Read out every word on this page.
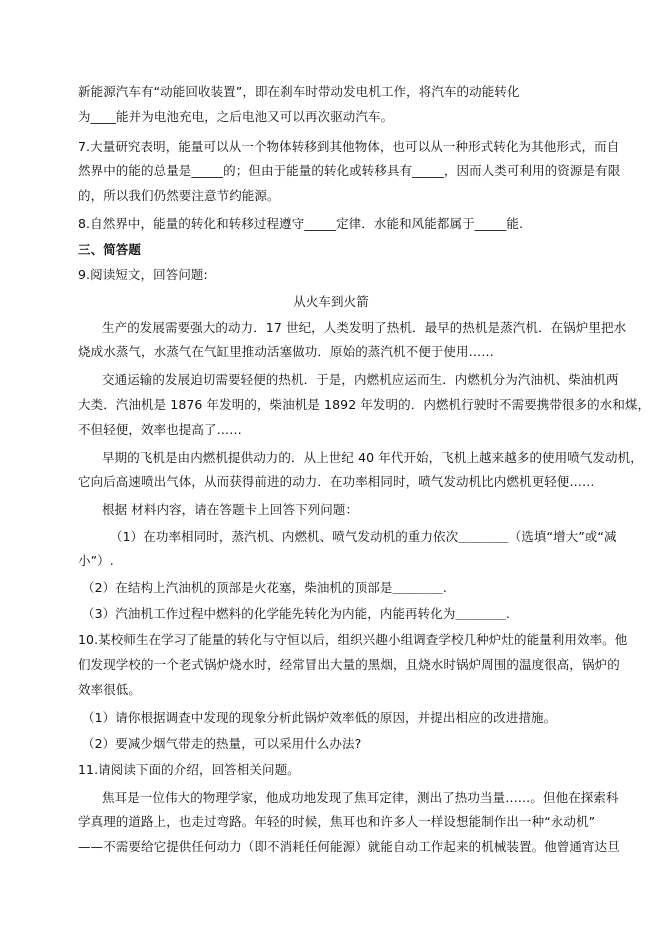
新能源汽车有“动能回收装置”，即在刹车时带动发电机工作，将汽车的动能转化
为____能并为电池充电，之后电池又可以再次驱动汽车。
7.大量研究表明，能量可以从一个物体转移到其他物体，也可以从一种形式转化为其他形式，而自
然界中的能的总量是_____的；但由于能量的转化或转移具有_____，因而人类可利用的资源是有限
的，所以我们仍然要注意节约能源。
8.自然界中，能量的转化和转移过程遵守_____定律．水能和风能都属于_____能.
三、简答题
9.阅读短文，回答问题:
从火车到火箭
生产的发展需要强大的动力．17 世纪，人类发明了热机．最早的热机是蒸汽机．在锅炉里把水
烧成水蒸气，水蒸气在气缸里推动活塞做功．原始的蒸汽机不便于使用……
交通运输的发展迫切需要轻便的热机．于是，内燃机应运而生．内燃机分为汽油机、柴油机两
大类．汽油机是 1876 年发明的，柴油机是 1892 年发明的．内燃机行驶时不需要携带很多的水和煤，
不但轻便，效率也提高了……
早期的飞机是由内燃机提供动力的．从上世纪 40 年代开始，飞机上越来越多的使用喷气发动机，
它向后高速喷出气体，从而获得前进的动力．在功率相同时，喷气发动机比内燃机更轻便……
根据 材料内容，请在答题卡上回答下列问题：
（1）在功率相同时，蒸汽机、内燃机、喷气发动机的重力依次＿＿＿＿（选填“增大”或“减
小”）.
（2）在结构上汽油机的顶部是火花塞，柴油机的顶部是＿＿＿＿.
（3）汽油机工作过程中燃料的化学能先转化为内能，内能再转化为＿＿＿＿.
10.某校师生在学习了能量的转化与守恒以后，组织兴趣小组调查学校几种炉灶的能量利用效率。他
们发现学校的一个老式锅炉烧水时，经常冒出大量的黑烟，且烧水时锅炉周围的温度很高，锅炉的
效率很低。
（1）请你根据调查中发现的现象分析此锅炉效率低的原因，并提出相应的改进措施。
（2）要减少烟气带走的热量，可以采用什么办法?
11.请阅读下面的介绍，回答相关问题。
焦耳是一位伟大的物理学家，他成功地发现了焦耳定律，测出了热功当量……。但他在探索科
学真理的道路上，也走过弯路。年轻的时候，焦耳也和许多人一样设想能制作出一种“永动机”
——不需要给它提供任何动力（即不消耗任何能源）就能自动工作起来的机械装置。他曾通宵达旦
